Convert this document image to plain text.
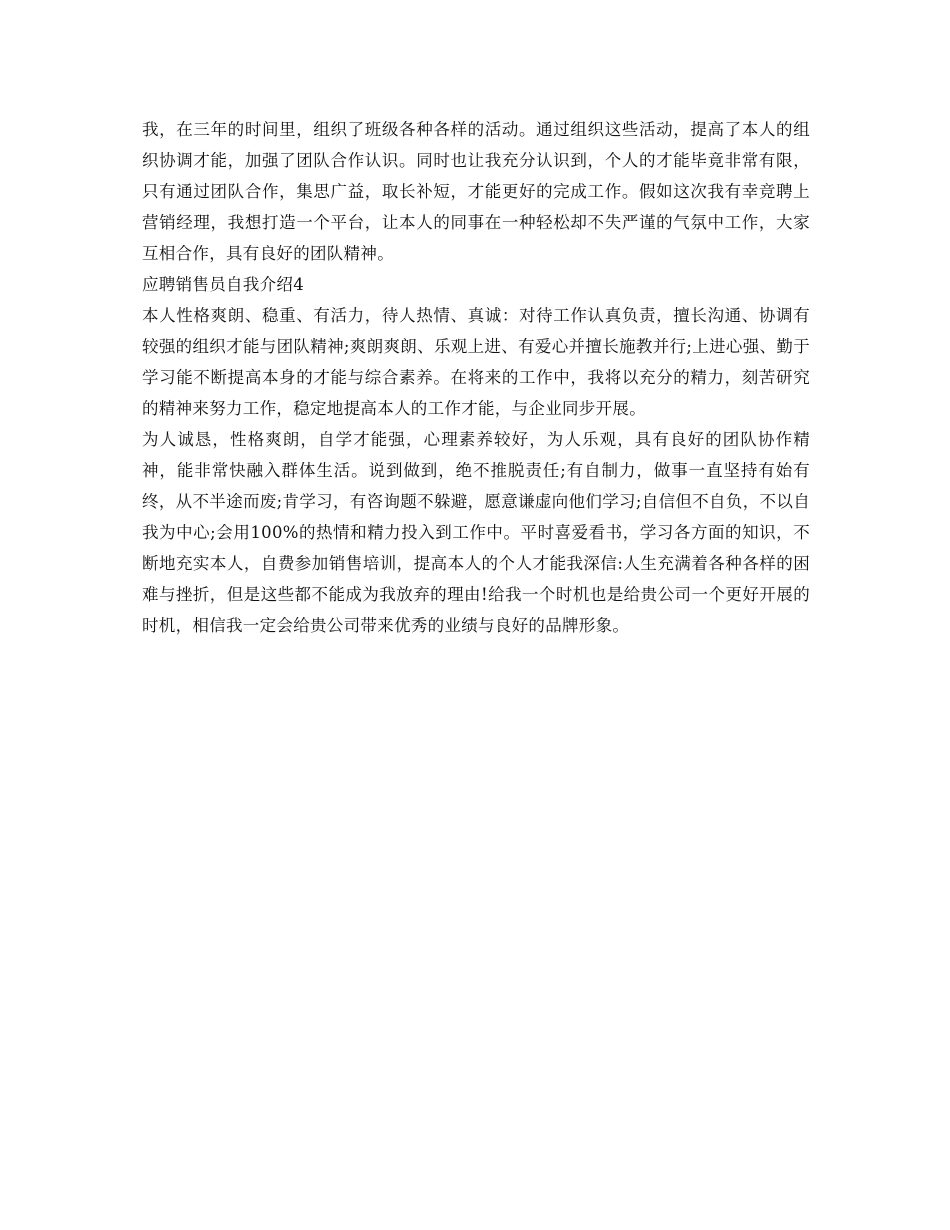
我，在三年的时间里，组织了班级各种各样的活动。通过组织这些活动，提高了本人的组织协调才能，加强了团队合作认识。同时也让我充分认识到，个人的才能毕竟非常有限，只有通过团队合作，集思广益，取长补短，才能更好的完成工作。假如这次我有幸竞聘上营销经理，我想打造一个平台，让本人的同事在一种轻松却不失严谨的气氛中工作，大家互相合作，具有良好的团队精神。

应聘销售员自我介绍4

本人性格爽朗、稳重、有活力，待人热情、真诚：对待工作认真负责，擅长沟通、协调有较强的组织才能与团队精神;爽朗爽朗、乐观上进、有爱心并擅长施教并行;上进心强、勤于学习能不断提高本身的才能与综合素养。在将来的工作中，我将以充分的精力，刻苦研究的精神来努力工作，稳定地提高本人的工作才能，与企业同步开展。

为人诚恳，性格爽朗，自学才能强，心理素养较好，为人乐观，具有良好的团队协作精神，能非常快融入群体生活。说到做到，绝不推脱责任;有自制力，做事一直坚持有始有终，从不半途而废;肯学习，有咨询题不躲避，愿意谦虚向他们学习;自信但不自负，不以自我为中心;会用100%的热情和精力投入到工作中。平时喜爱看书，学习各方面的知识，不断地充实本人，自费参加销售培训，提高本人的个人才能我深信:人生充满着各种各样的困难与挫折，但是这些都不能成为我放弃的理由!给我一个时机也是给贵公司一个更好开展的时机，相信我一定会给贵公司带来优秀的业绩与良好的品牌形象。
